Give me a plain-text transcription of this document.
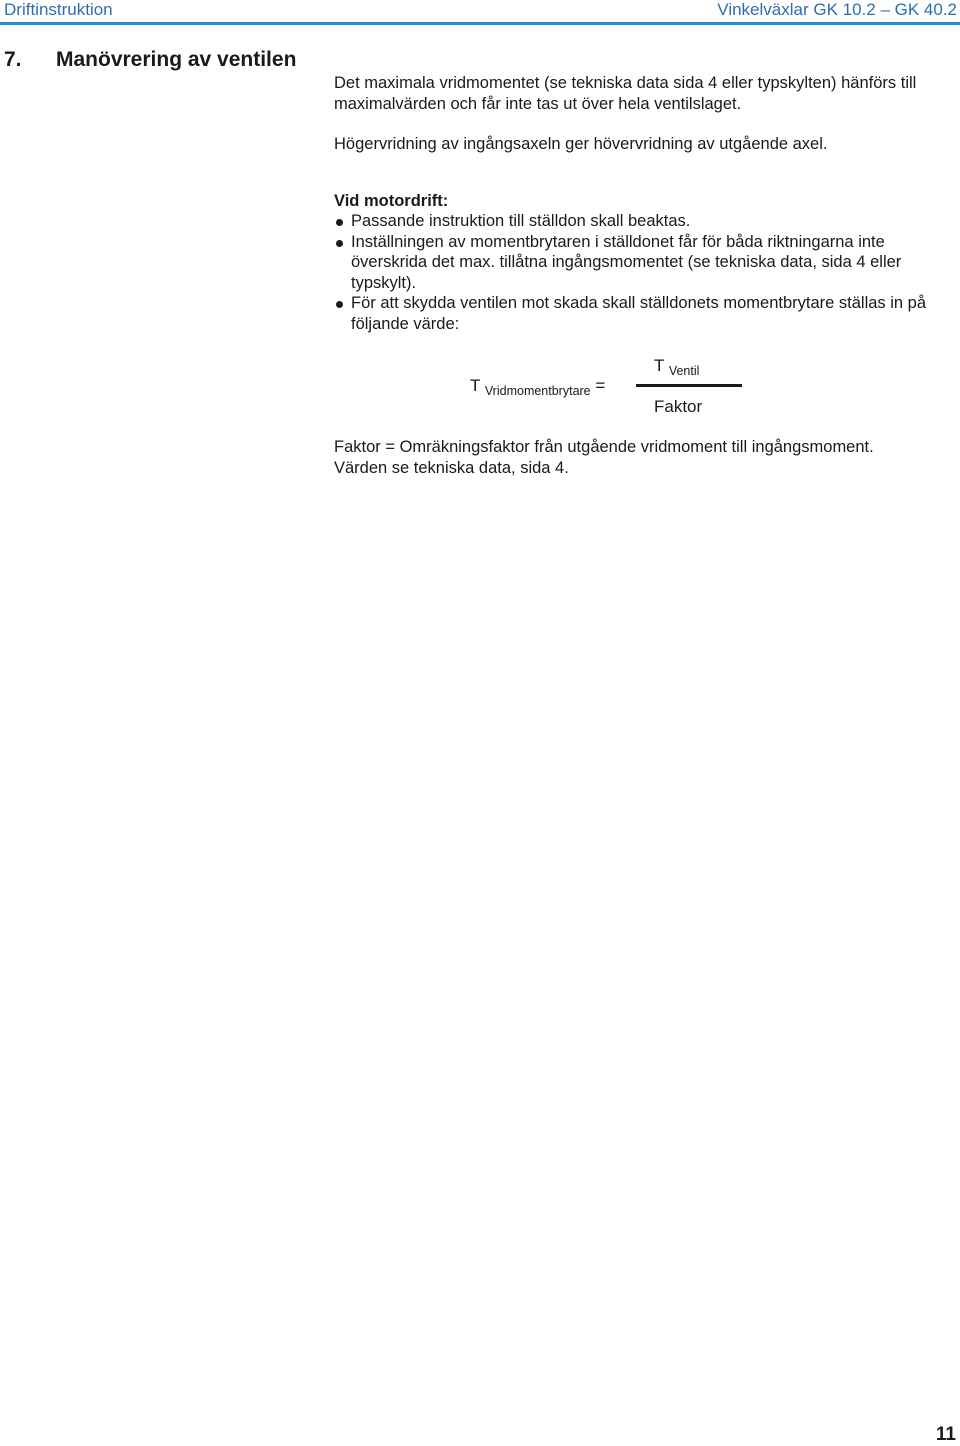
Driftinstruktion	Vinkelväxlar GK 10.2 – GK 40.2
7. Manövrering av ventilen

Det maximala vridmomentet (se tekniska data sida 4 eller typskylten) hänförs till maximalvärden och får inte tas ut över hela ventilslaget.

Högervridning av ingångsaxeln ger hövervridning av utgående axel.

Vid motordrift:

Passande instruktion till ställdon skall beaktas.
Inställningen av momentbrytaren i ställdonet får för båda riktningarna inte överskrida det max. tillåtna ingångsmomentet (se tekniska data, sida 4 eller typskylt).
För att skydda ventilen mot skada skall ställdonets momentbrytare ställas in på följande värde:
T $_{Vridmomentbrytare}$ =
T $_{Ventil}$
Faktor

Faktor = Omräkningsfaktor från utgående vridmoment till ingångsmoment.

Värden se tekniska data, sida 4.

11
